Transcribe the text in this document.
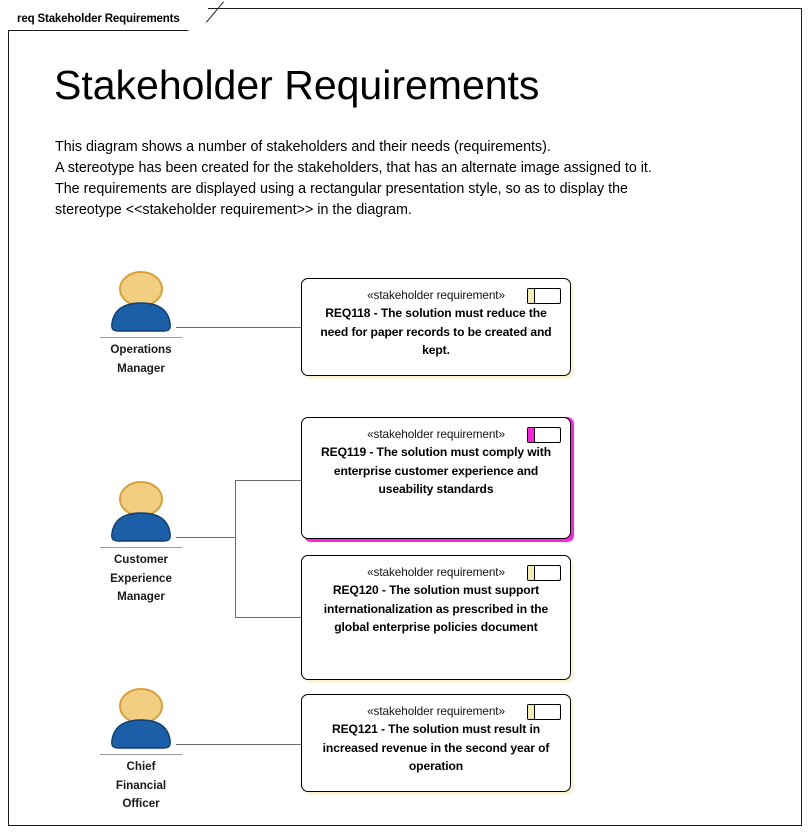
req Stakeholder Requirements
Stakeholder Requirements
This diagram shows a number of stakeholders and their needs (requirements).
A stereotype has been created for the stakeholders, that has an alternate image assigned to it.
The requirements are displayed using a rectangular presentation style, so as to display the
stereotype <<stakeholder requirement>> in the diagram.
Operations
Manager
Customer
Experience
Manager
Chief
Financial
Officer
«stakeholder requirement»
REQ118 - The solution must reduce the need for paper records to be created and kept.
«stakeholder requirement»
REQ119 - The solution must comply with enterprise customer experience and useability standards
«stakeholder requirement»
REQ120 - The solution must support internationalization as prescribed in the global enterprise policies document
«stakeholder requirement»
REQ121 - The solution must result in increased revenue in the second year of operation
